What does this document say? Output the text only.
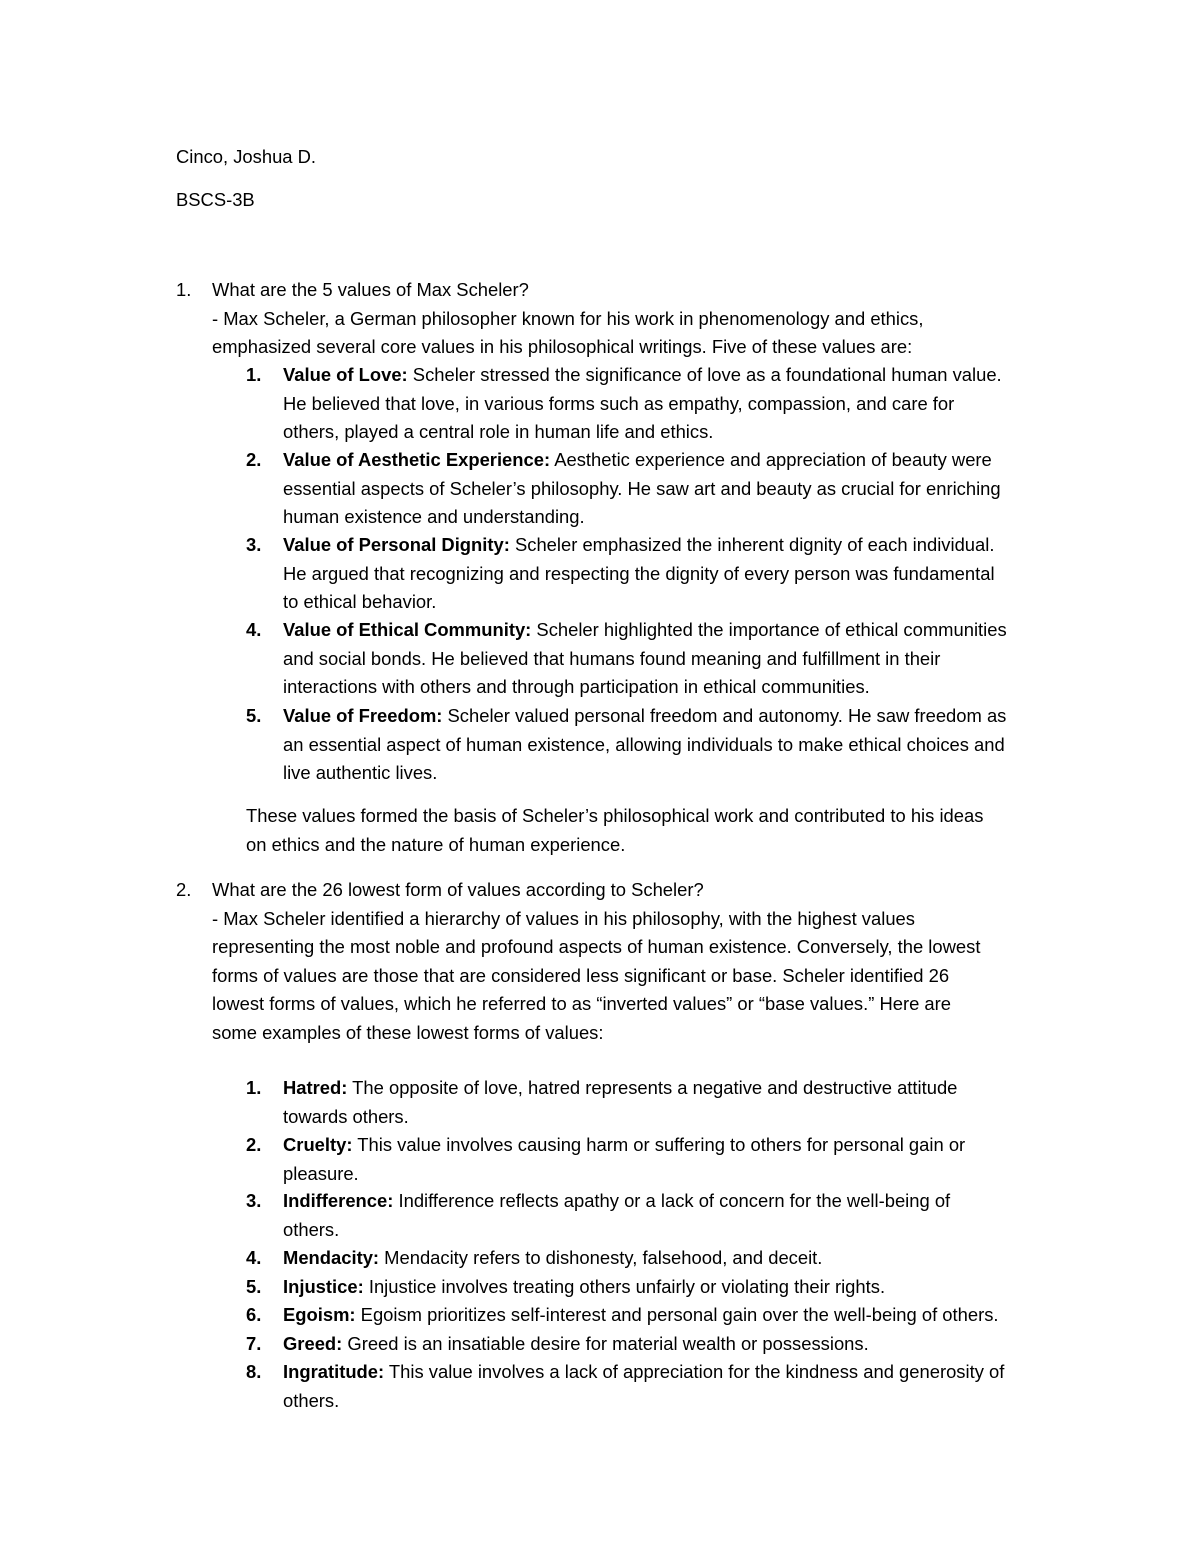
Cinco, Joshua D.
BSCS-3B
1. What are the 5 values of Max Scheler?
- Max Scheler, a German philosopher known for his work in phenomenology and ethics,
emphasized several core values in his philosophical writings. Five of these values are:
1. Value of Love: Scheler stressed the significance of love as a foundational human value.
He believed that love, in various forms such as empathy, compassion, and care for
others, played a central role in human life and ethics.
2. Value of Aesthetic Experience: Aesthetic experience and appreciation of beauty were
essential aspects of Scheler’s philosophy. He saw art and beauty as crucial for enriching
human existence and understanding.
3. Value of Personal Dignity: Scheler emphasized the inherent dignity of each individual.
He argued that recognizing and respecting the dignity of every person was fundamental
to ethical behavior.
4. Value of Ethical Community: Scheler highlighted the importance of ethical communities
and social bonds. He believed that humans found meaning and fulfillment in their
interactions with others and through participation in ethical communities.
5. Value of Freedom: Scheler valued personal freedom and autonomy. He saw freedom as
an essential aspect of human existence, allowing individuals to make ethical choices and
live authentic lives.
These values formed the basis of Scheler’s philosophical work and contributed to his ideas
on ethics and the nature of human experience.
2. What are the 26 lowest form of values according to Scheler?
- Max Scheler identified a hierarchy of values in his philosophy, with the highest values
representing the most noble and profound aspects of human existence. Conversely, the lowest
forms of values are those that are considered less significant or base. Scheler identified 26
lowest forms of values, which he referred to as “inverted values” or “base values.” Here are
some examples of these lowest forms of values:
1. Hatred: The opposite of love, hatred represents a negative and destructive attitude
towards others.
2. Cruelty: This value involves causing harm or suffering to others for personal gain or
pleasure.
3. Indifference: Indifference reflects apathy or a lack of concern for the well-being of
others.
4. Mendacity: Mendacity refers to dishonesty, falsehood, and deceit.
5. Injustice: Injustice involves treating others unfairly or violating their rights.
6. Egoism: Egoism prioritizes self-interest and personal gain over the well-being of others.
7. Greed: Greed is an insatiable desire for material wealth or possessions.
8. Ingratitude: This value involves a lack of appreciation for the kindness and generosity of
others.
